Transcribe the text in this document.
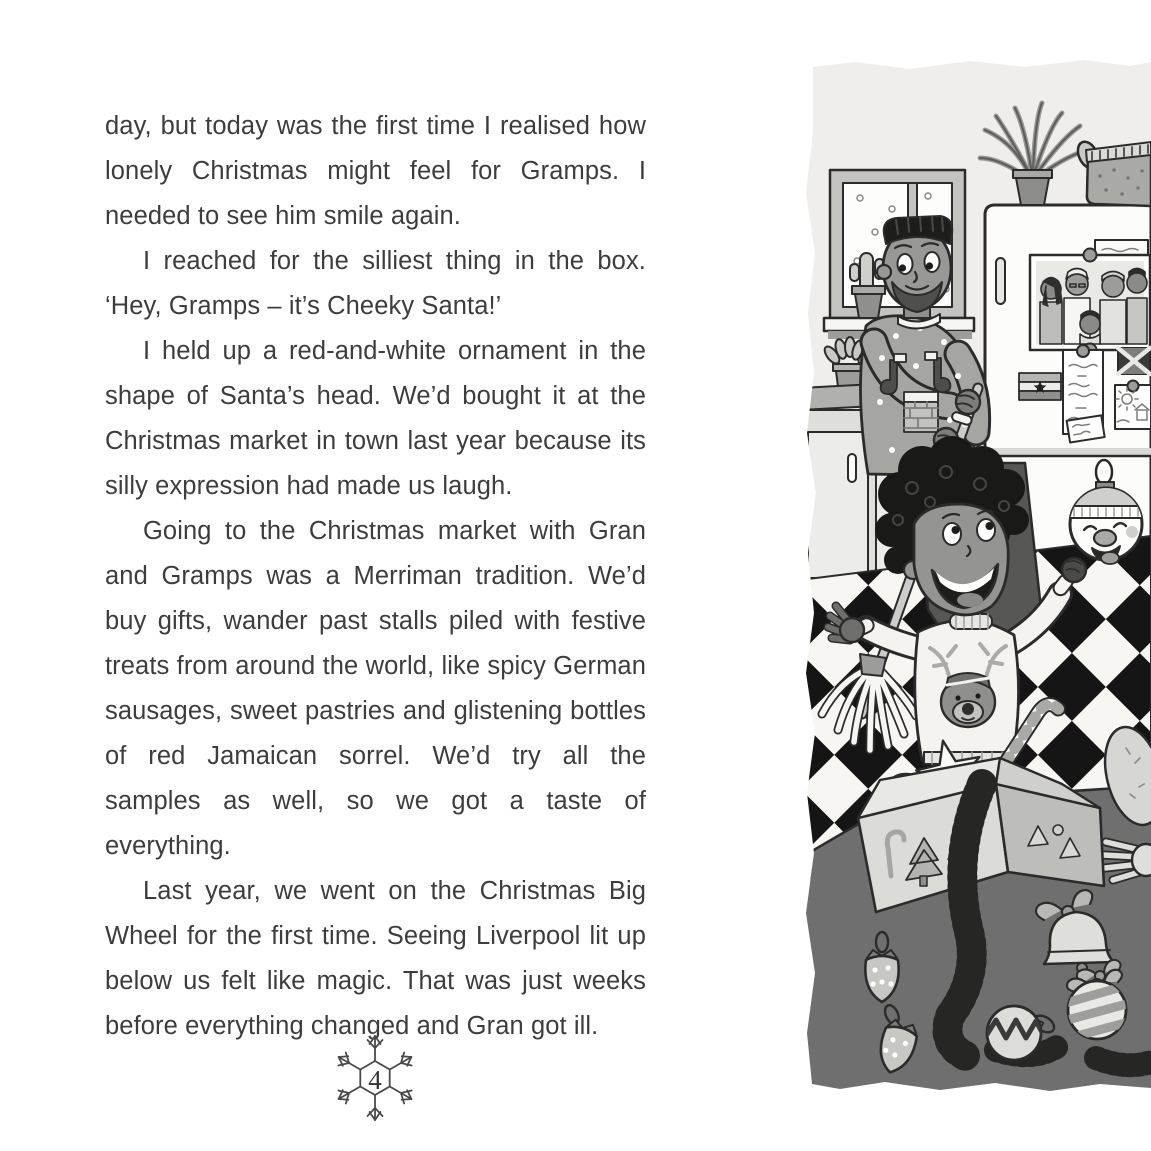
day, but today was the first time I realised how lonely Christmas might feel for Gramps. I needed to see him smile again.

I reached for the silliest thing in the box. ‘Hey, Gramps – it’s Cheeky Santa!’

I held up a red-and-white ornament in the shape of Santa’s head. We’d bought it at the Christmas market in town last year because its silly expression had made us laugh.

Going to the Christmas market with Gran and Gramps was a Merriman tradition. We’d buy gifts, wander past stalls piled with festive treats from around the world, like spicy German sausages, sweet pastries and glistening bottles of red Jamaican sorrel. We’d try all the samples as well, so we got a taste of everything.

Last year, we went on the Christmas Big Wheel for the first time. Seeing Liverpool lit up below us felt like magic. That was just weeks before everything changed and Gran got ill.

4
